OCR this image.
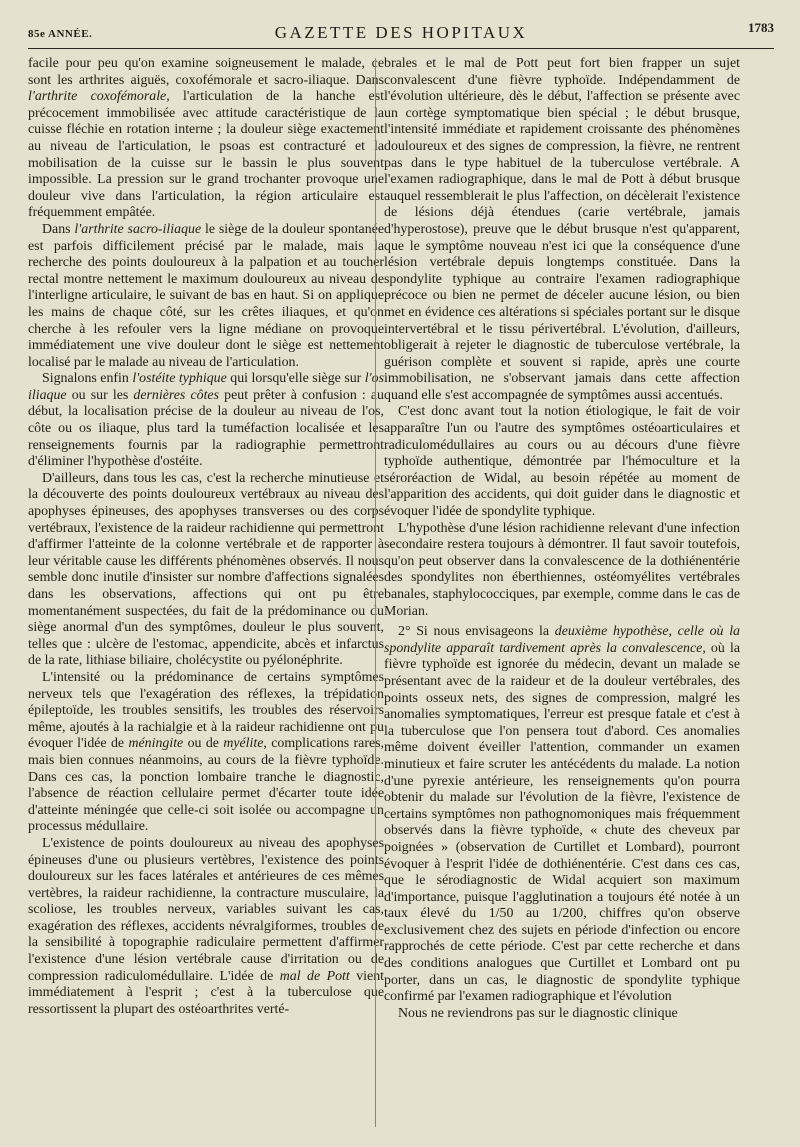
85e ANNÉE.	GAZETTE DES HOPITAUX	1783

facile pour peu qu'on examine soigneusement le malade, ce sont les arthrites aiguës, coxofémorale et sacro-iliaque. Dans l'arthrite coxofémorale, l'articulation de la hanche est précocement immobilisée avec attitude caractéristique de la cuisse fléchie en rotation interne ; la douleur siège exactement au niveau de l'articulation, le psoas est contracturé et la mobilisation de la cuisse sur le bassin le plus souvent impossible. La pression sur le grand trochanter provoque une douleur vive dans l'articulation, la région articulaire est fréquemment empâtée.

Dans l'arthrite sacro-iliaque le siège de la douleur spontanée est parfois difficilement précisé par le malade, mais la recherche des points douloureux à la palpation et au toucher rectal montre nettement le maximum douloureux au niveau de l'interligne articulaire, le suivant de bas en haut. Si on applique les mains de chaque côté, sur les crêtes iliaques, et qu'on cherche à les refouler vers la ligne médiane on provoque immédiatement une vive douleur dont le siège est nettement localisé par le malade au niveau de l'articulation.

Signalons enfin l'ostéite typhique qui lorsqu'elle siège sur l'os iliaque ou sur les dernières côtes peut prêter à confusion : au début, la localisation précise de la douleur au niveau de l'os, côte ou os iliaque, plus tard la tuméfaction localisée et les renseignements fournis par la radiographie permettront d'éliminer l'hypothèse d'ostéite.

D'ailleurs, dans tous les cas, c'est la recherche minutieuse et la découverte des points douloureux vertébraux au niveau des apophyses épineuses, des apophyses transverses ou des corps vertébraux, l'existence de la raideur rachidienne qui permettront d'affirmer l'atteinte de la colonne vertébrale et de rapporter à leur véritable cause les différents phénomènes observés. Il nous semble donc inutile d'insister sur nombre d'affections signalées dans les observations, affections qui ont pu être momentanément suspectées, du fait de la prédominance ou du siège anormal d'un des symptômes, douleur le plus souvent, telles que : ulcère de l'estomac, appendicite, abcès et infarctus de la rate, lithiase biliaire, cholécystite ou pyélonéphrite.

L'intensité ou la prédominance de certains symptômes nerveux tels que l'exagération des réflexes, la trépidation épileptoïde, les troubles sensitifs, les troubles des réservoirs même, ajoutés à la rachialgie et à la raideur rachidienne ont pu évoquer l'idée de méningite ou de myélite, complications rares, mais bien connues néanmoins, au cours de la fièvre typhoïde. Dans ces cas, la ponction lombaire tranche le diagnostic, l'absence de réaction cellulaire permet d'écarter toute idée d'atteinte méningée que celle-ci soit isolée ou accompagne un processus médullaire.

L'existence de points douloureux au niveau des apophyses épineuses d'une ou plusieurs vertèbres, l'existence des points douloureux sur les faces latérales et antérieures de ces mêmes vertèbres, la raideur rachidienne, la contracture musculaire, la scoliose, les troubles nerveux, variables suivant les cas, exagération des réflexes, accidents névralgiformes, troubles de la sensibilité à topographie radiculaire permettent d'affirmer l'existence d'une lésion vertébrale cause d'irritation ou de compression radiculomédullaire. L'idée de mal de Pott vient immédiatement à l'esprit ; c'est à la tuberculose que ressortissent la plupart des ostéoarthrites verté-

brales et le mal de Pott peut fort bien frapper un sujet convalescent d'une fièvre typhoïde. Indépendamment de l'évolution ultérieure, dès le début, l'affection se présente avec un cortège symptomatique bien spécial ; le début brusque, l'intensité immédiate et rapidement croissante des phénomènes douloureux et des signes de compression, la fièvre, ne rentrent pas dans le type habituel de la tuberculose vertébrale. A l'examen radiographique, dans le mal de Pott à début brusque auquel ressemblerait le plus l'affection, on décèlerait l'existence de lésions déjà étendues (carie vertébrale, jamais d'hyperostose), preuve que le début brusque n'est qu'apparent, que le symptôme nouveau n'est ici que la conséquence d'une lésion vertébrale depuis longtemps constituée. Dans la spondylite typhique au contraire l'examen radiographique précoce ou bien ne permet de déceler aucune lésion, ou bien met en évidence ces altérations si spéciales portant sur le disque intervertébral et le tissu périvertébral. L'évolution, d'ailleurs, obligerait à rejeter le diagnostic de tuberculose vertébrale, la guérison complète et souvent si rapide, après une courte immobilisation, ne s'observant jamais dans cette affection quand elle s'est accompagnée de symptômes aussi accentués.

C'est donc avant tout la notion étiologique, le fait de voir apparaître l'un ou l'autre des symptômes ostéoarticulaires et radiculomédullaires au cours ou au décours d'une fièvre typhoïde authentique, démontrée par l'hémoculture et la séroréaction de Widal, au besoin répétée au moment de l'apparition des accidents, qui doit guider dans le diagnostic et évoquer l'idée de spondylite typhique.

L'hypothèse d'une lésion rachidienne relevant d'une infection secondaire restera toujours à démontrer. Il faut savoir toutefois, qu'on peut observer dans la convalescence de la dothiénentérie des spondylites non éberthiennes, ostéomyélites vertébrales banales, staphylococciques, par exemple, comme dans le cas de Morian.

2° Si nous envisageons la deuxième hypothèse, celle où la spondylite apparaît tardivement après la convalescence, où la fièvre typhoïde est ignorée du médecin, devant un malade se présentant avec de la raideur et de la douleur vertébrales, des points osseux nets, des signes de compression, malgré les anomalies symptomatiques, l'erreur est presque fatale et c'est à la tuberculose que l'on pensera tout d'abord. Ces anomalies même doivent éveiller l'attention, commander un examen minutieux et faire scruter les antécédents du malade. La notion d'une pyrexie antérieure, les renseignements qu'on pourra obtenir du malade sur l'évolution de la fièvre, l'existence de certains symptômes non pathognomoniques mais fréquemment observés dans la fièvre typhoïde, « chute des cheveux par poignées » (observation de Curtillet et Lombard), pourront évoquer à l'esprit l'idée de dothiénentérie. C'est dans ces cas, que le sérodiagnostic de Widal acquiert son maximum d'importance, puisque l'agglutination a toujours été notée à un taux élevé du 1/50 au 1/200, chiffres qu'on observe exclusivement chez des sujets en période d'infection ou encore rapprochés de cette période. C'est par cette recherche et dans des conditions analogues que Curtillet et Lombard ont pu porter, dans un cas, le diagnostic de spondylite typhique confirmé par l'examen radiographique et l'évolution

Nous ne reviendrons pas sur le diagnostic clinique
